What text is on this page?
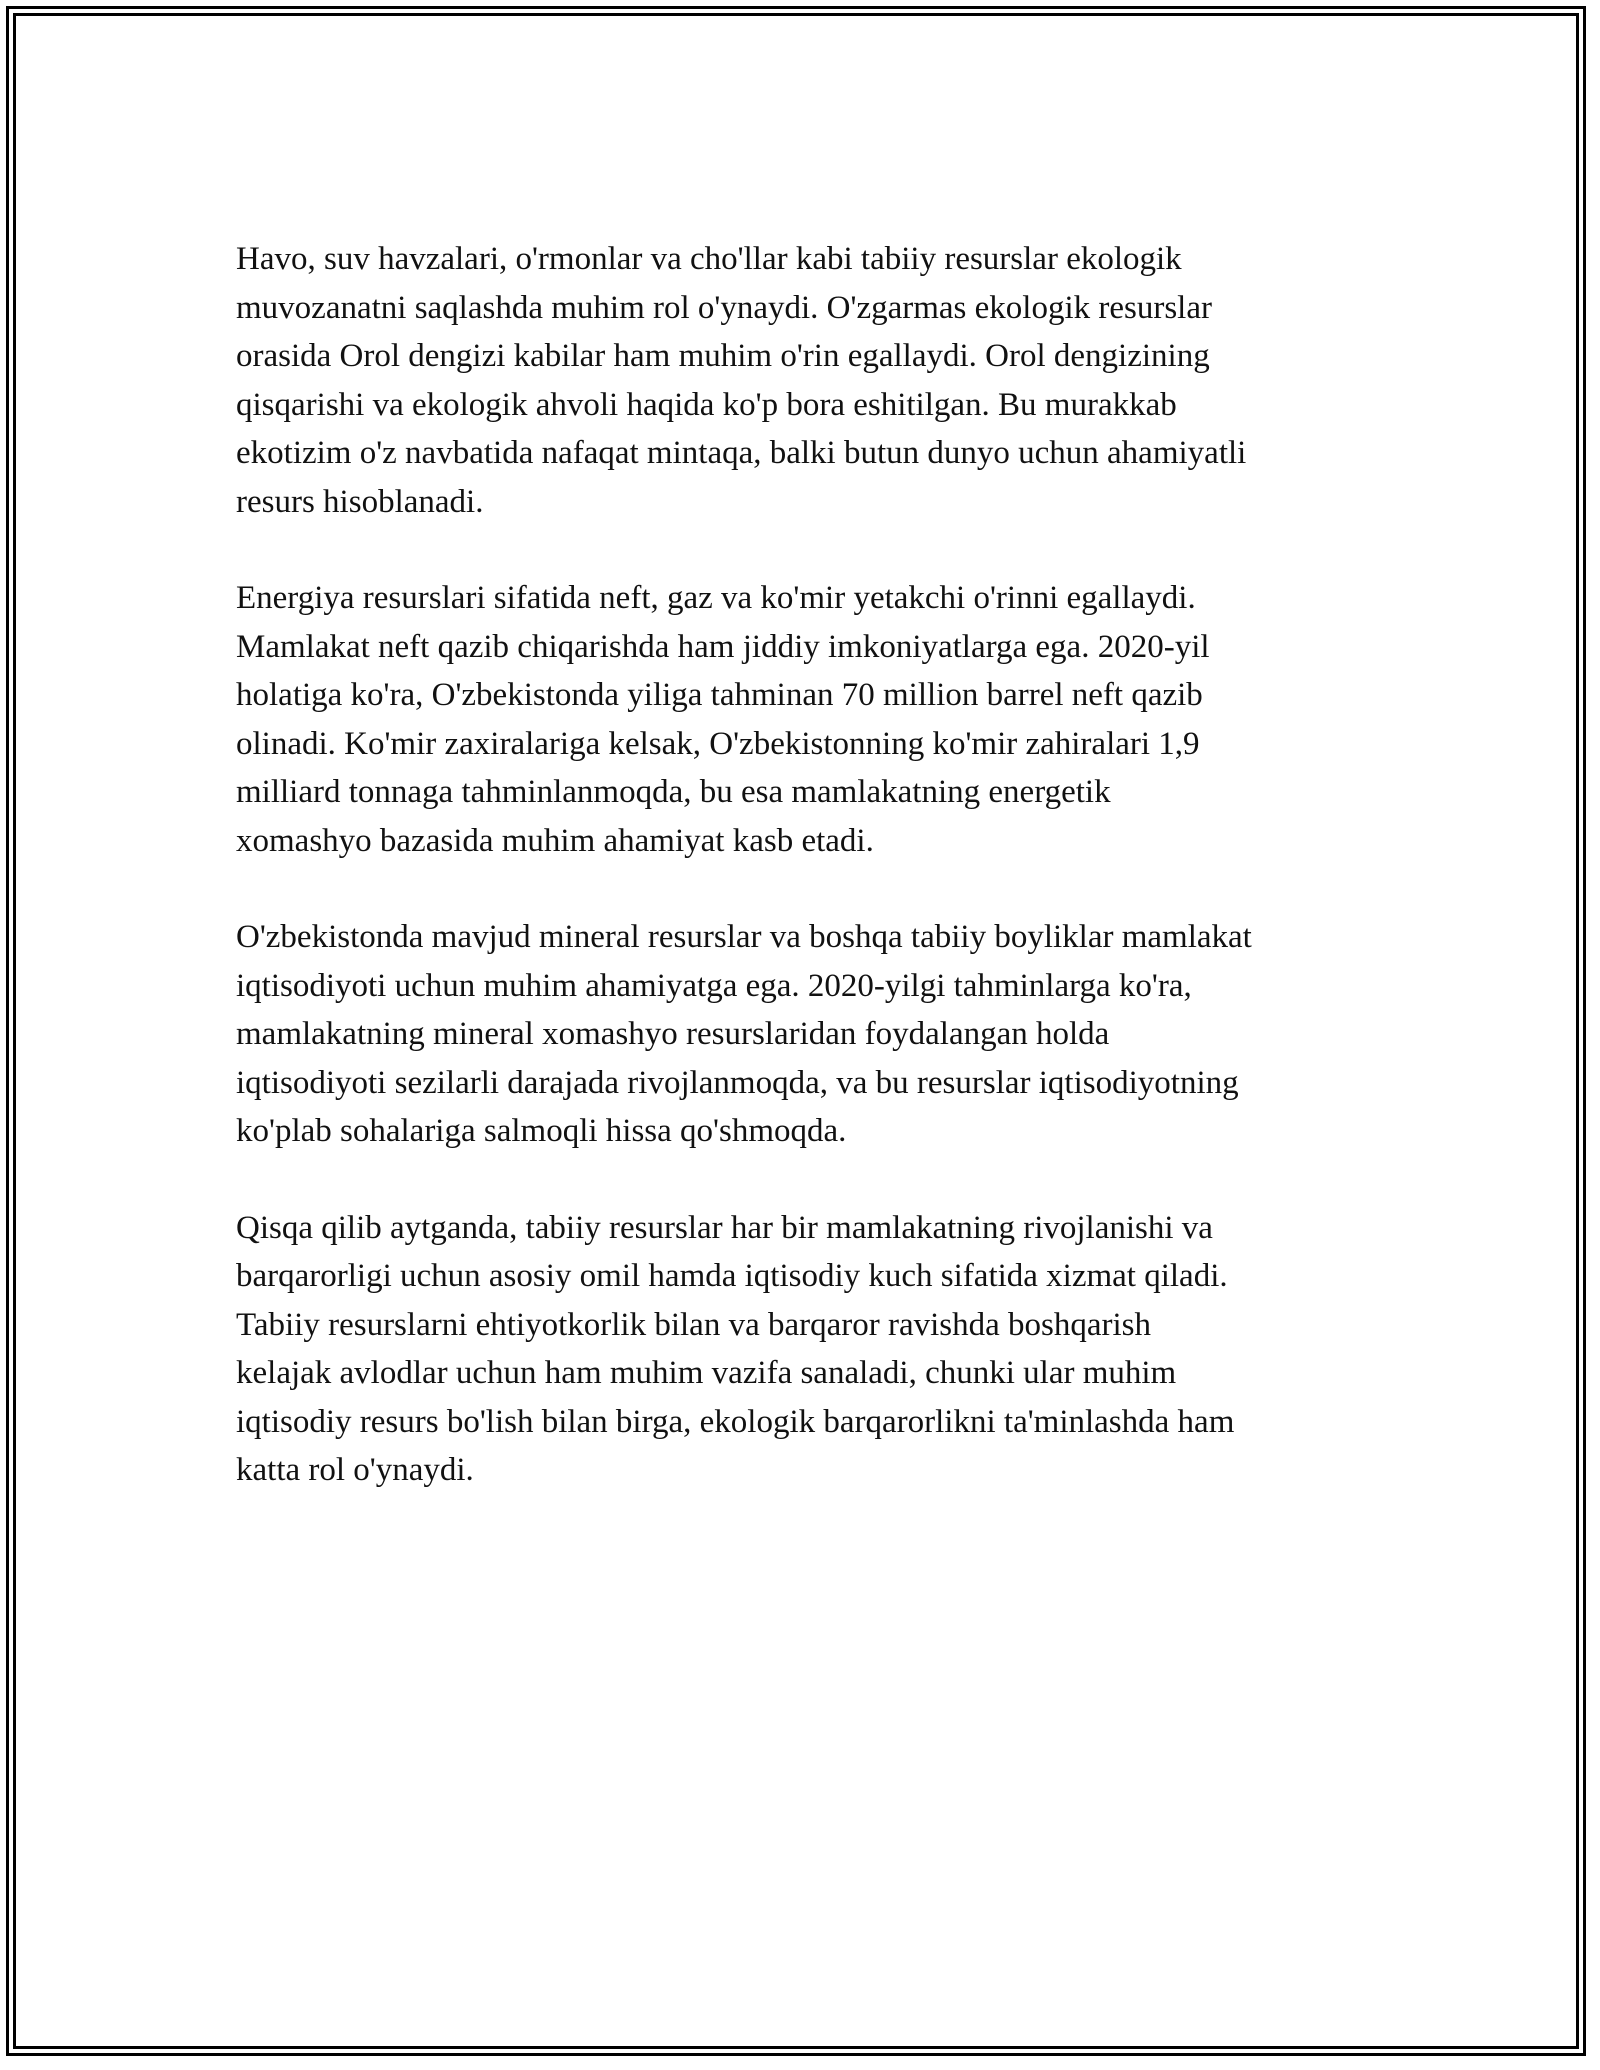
Havo, suv havzalari, o'rmonlar va cho'llar kabi tabiiy resurslar ekologik
muvozanatni saqlashda muhim rol o'ynaydi. O'zgarmas ekologik resurslar
orasida Orol dengizi kabilar ham muhim o'rin egallaydi. Orol dengizining
qisqarishi va ekologik ahvoli haqida ko'p bora eshitilgan. Bu murakkab
ekotizim o'z navbatida nafaqat mintaqa, balki butun dunyo uchun ahamiyatli
resurs hisoblanadi.

Energiya resurslari sifatida neft, gaz va ko'mir yetakchi o'rinni egallaydi.
Mamlakat neft qazib chiqarishda ham jiddiy imkoniyatlarga ega. 2020-yil
holatiga ko'ra, O'zbekistonda yiliga tahminan 70 million barrel neft qazib
olinadi. Ko'mir zaxiralariga kelsak, O'zbekistonning ko'mir zahiralari 1,9
milliard tonnaga tahminlanmoqda, bu esa mamlakatning energetik
xomashyo bazasida muhim ahamiyat kasb etadi.

O'zbekistonda mavjud mineral resurslar va boshqa tabiiy boyliklar mamlakat
iqtisodiyoti uchun muhim ahamiyatga ega. 2020-yilgi tahminlarga ko'ra,
mamlakatning mineral xomashyo resurslaridan foydalangan holda
iqtisodiyoti sezilarli darajada rivojlanmoqda, va bu resurslar iqtisodiyotning
ko'plab sohalariga salmoqli hissa qo'shmoqda.

Qisqa qilib aytganda, tabiiy resurslar har bir mamlakatning rivojlanishi va
barqarorligi uchun asosiy omil hamda iqtisodiy kuch sifatida xizmat qiladi.
Tabiiy resurslarni ehtiyotkorlik bilan va barqaror ravishda boshqarish
kelajak avlodlar uchun ham muhim vazifa sanaladi, chunki ular muhim
iqtisodiy resurs bo'lish bilan birga, ekologik barqarorlikni ta'minlashda ham
katta rol o'ynaydi.
